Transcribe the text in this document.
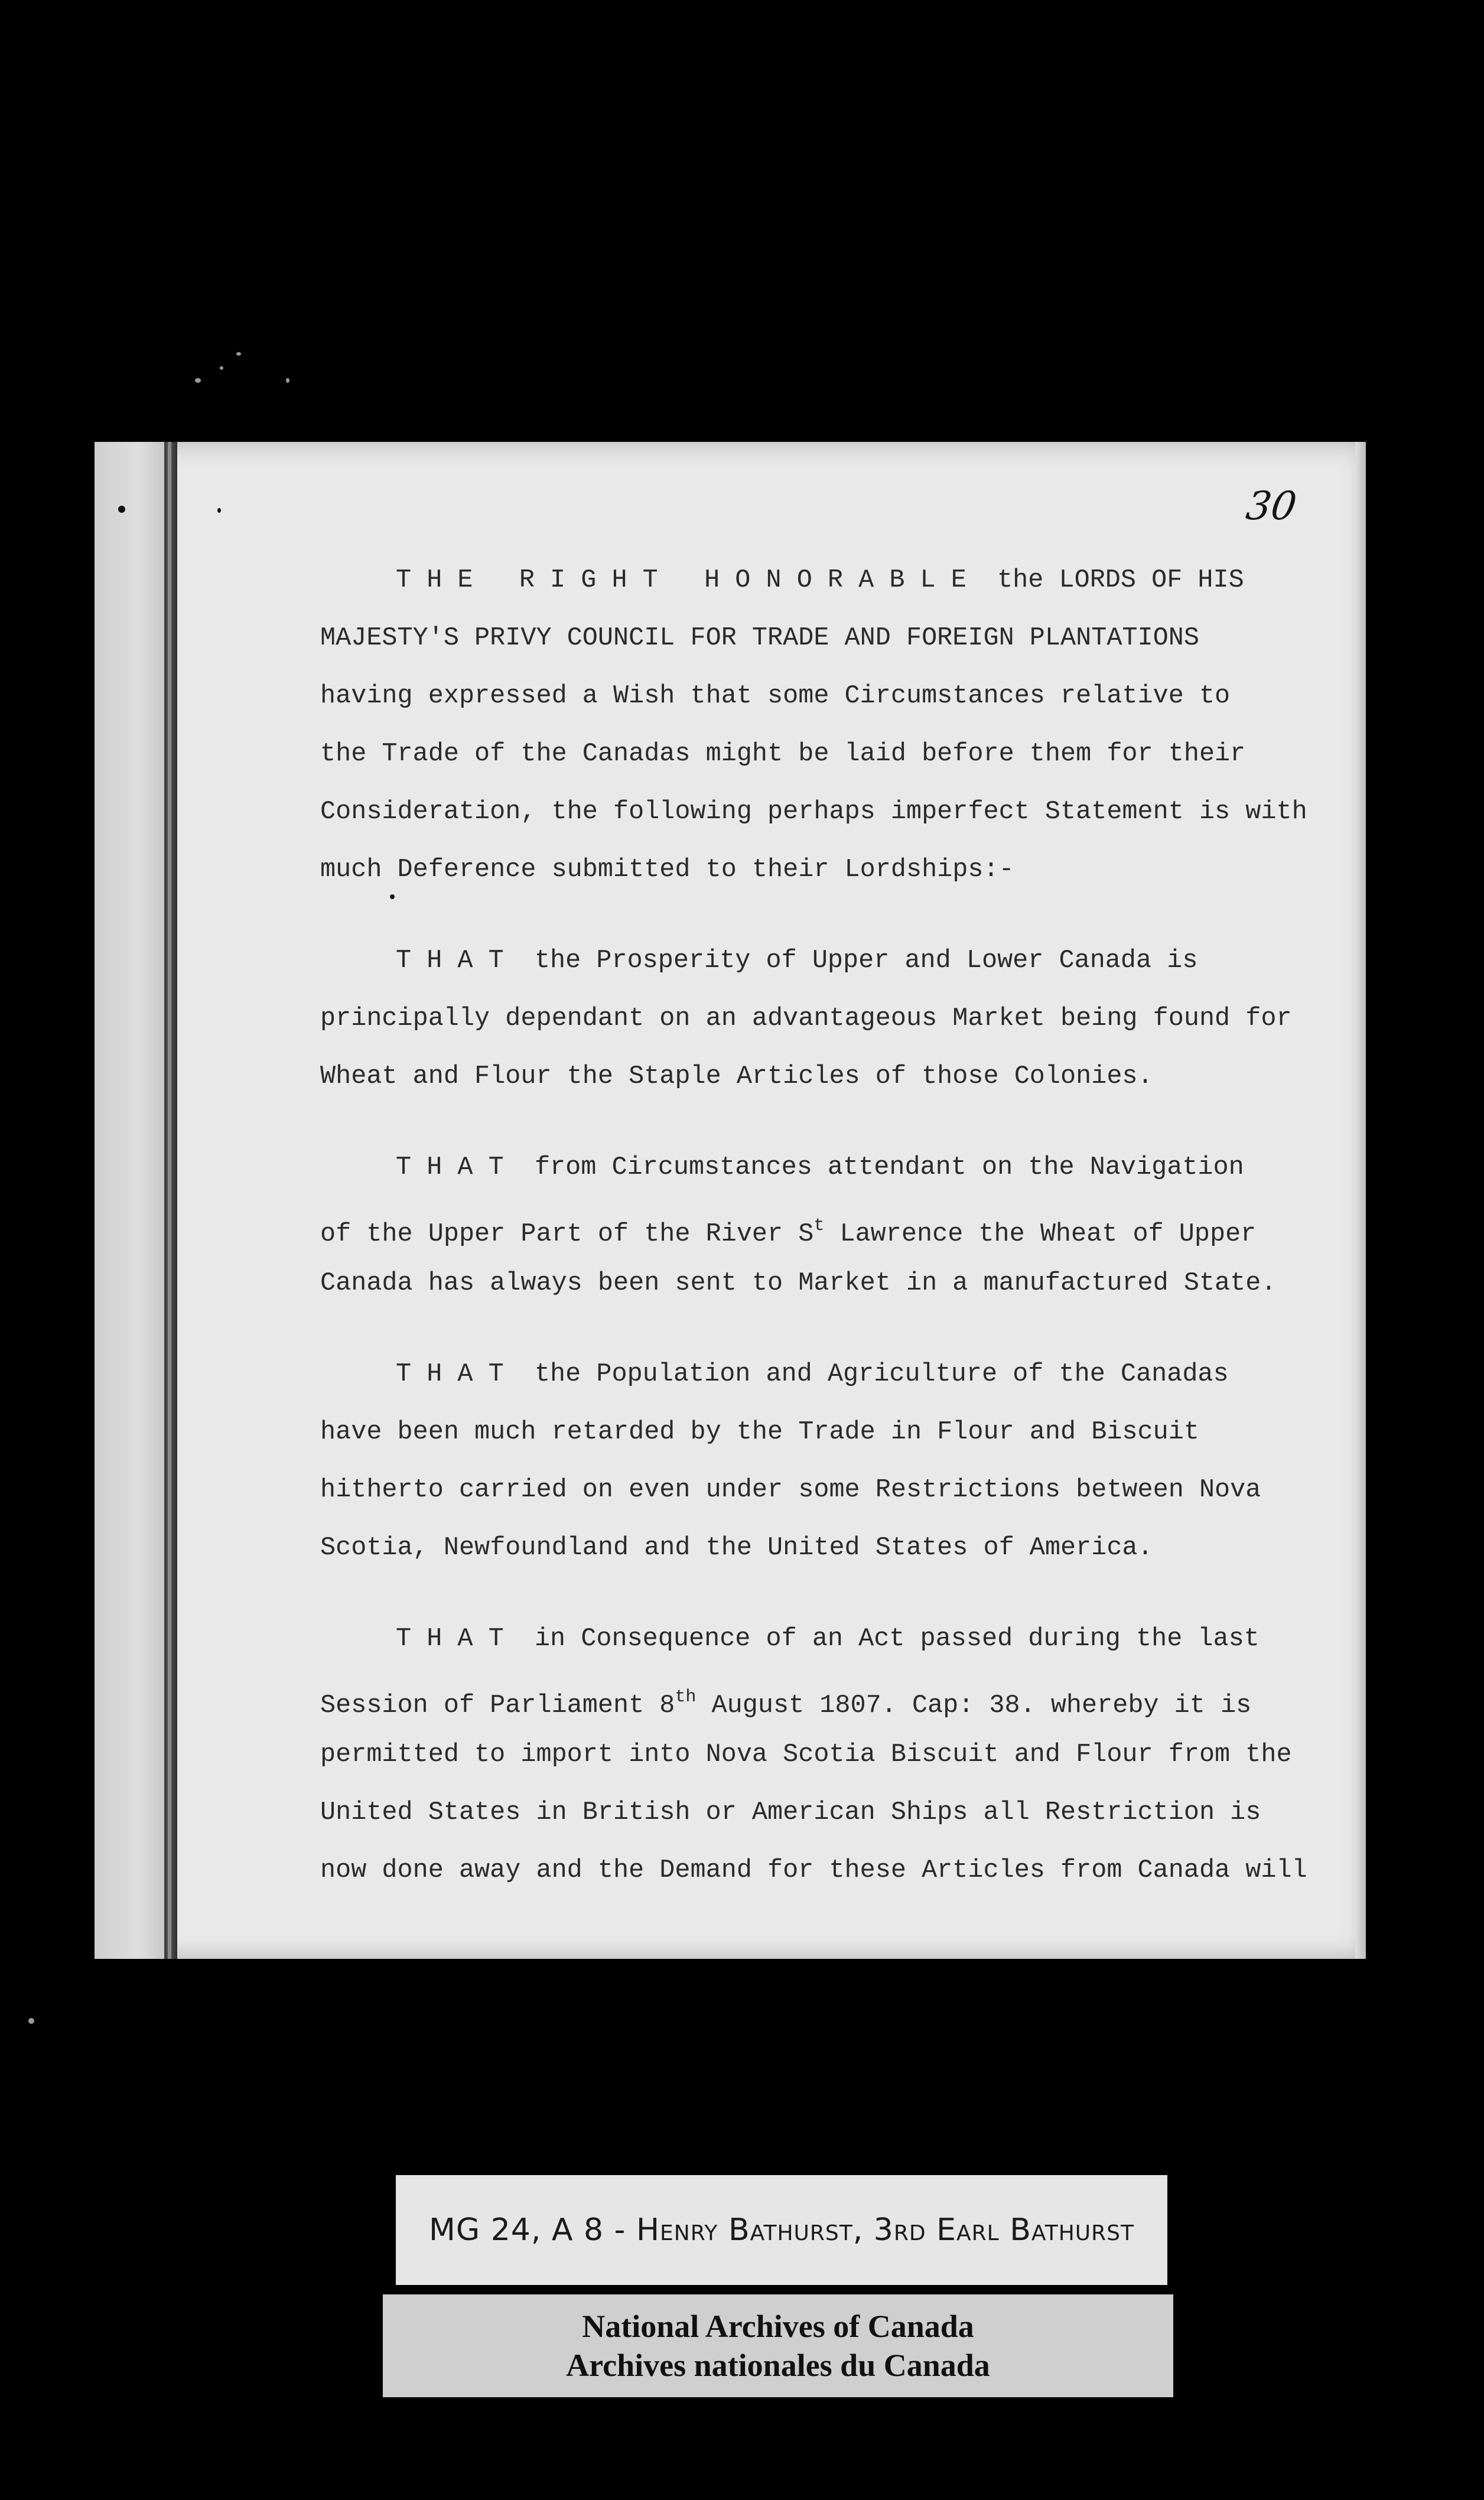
30
T H E   R I G H T   H O N O R A B L E  the LORDS OF HIS
MAJESTY'S PRIVY COUNCIL FOR TRADE AND FOREIGN PLANTATIONS
having expressed a Wish that some Circumstances relative to
the Trade of the Canadas might be laid before them for their
Consideration, the following perhaps imperfect Statement is with
much Deference submitted to their Lordships:-
T H A T  the Prosperity of Upper and Lower Canada is
principally dependant on an advantageous Market being found for
Wheat and Flour the Staple Articles of those Colonies.
T H A T  from Circumstances attendant on the Navigation
of the Upper Part of the River $S^t$ Lawrence the Wheat of Upper
Canada has always been sent to Market in a manufactured State.
T H A T  the Population and Agriculture of the Canadas
have been much retarded by the Trade in Flour and Biscuit
hitherto carried on even under some Restrictions between Nova
Scotia, Newfoundland and the United States of America.
T H A T  in Consequence of an Act passed during the last
Session of Parliament 8th August 1807. Cap: 38. whereby it is
permitted to import into Nova Scotia Biscuit and Flour from the
United States in British or American Ships all Restriction is
now done away and the Demand for these Articles from Canada will
MG 24, A 8 - Henry Bathurst, 3rd Earl Bathurst
National Archives of Canada
Archives nationales du Canada
